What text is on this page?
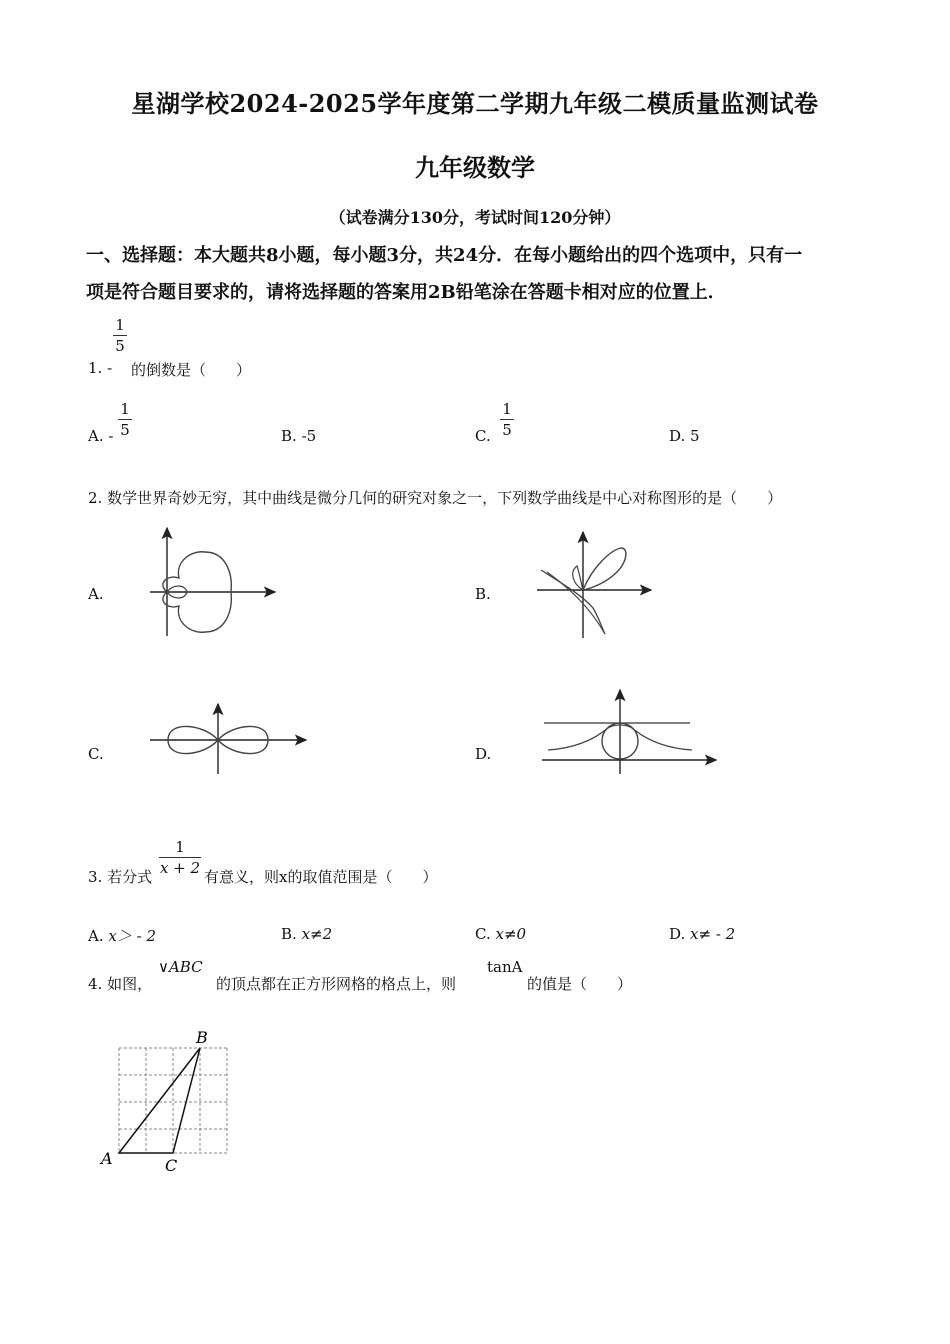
星湖学校2024-2025学年度第二学期九年级二模质量监测试卷
九年级数学
（试卷满分130分，考试时间120分钟）
一、选择题：本大题共8小题，每小题3分，共24分．在每小题给出的四个选项中，只有一
项是符合题目要求的，请将选择题的答案用2B铅笔涂在答题卡相对应的位置上．
1
5
1. - 的倒数是（　　）
A. -
1
5	B. -5	C.
1
5	D. 5
2. 数学世界奇妙无穷，其中曲线是微分几何的研究对象之一，下列数学曲线是中心对称图形的是（　　）
A.	B.
C.	D.
3. 若分式
1
x + 2 有意义，则x的取值范围是（　　）
A. x＞ - 2	B. x≠2	C. x≠0	D. x≠ - 2
4. 如图，
∨ABC
的顶点都在正方形网格的格点上，则
tanA
的值是（　　）
A
B
C
